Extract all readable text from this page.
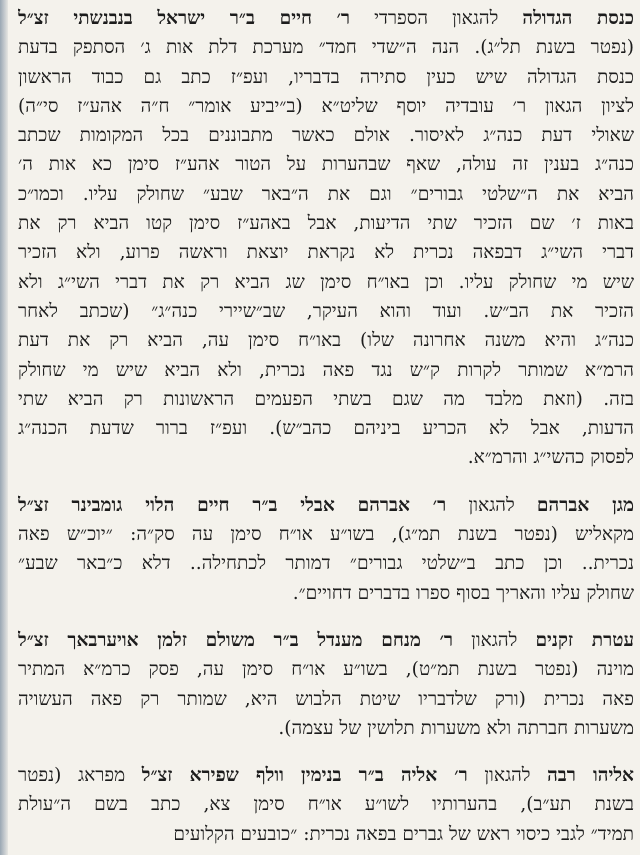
כנסת הגדולה להגאון הספרדי ר׳ חיים ב״ר ישראל בנבנשתי זצ״ל
(נפטר בשנת תל״ג). הנה ה״שדי חמד״ מערכת דלת אות ג׳ הסתפק בדעת
כנסת הגדולה שיש כעין סתירה בדבריו, ועפ״ז כתב גם כבוד הראשון
לציון הגאון ר׳ עובדיה יוסף שליט״א (ב״יביע אומר״ ח״ה אהע״ז סי״ה)
שאולי דעת כנה״ג לאיסור. אולם כאשר מתבוננים בכל המקומות שכתב
כנה״ג בענין זה עולה, שאף שבהערות על הטור אהע״ז סימן כא אות ה׳
הביא את ה״שלטי גבורים״ וגם את ה״באר שבע״ שחולק עליו. וכמו״כ
באות ז׳ שם הזכיר שתי הדיעות, אבל באהע״ז סימן קטו הביא רק את
דברי השי״ג דבפאה נכרית לא נקראת יוצאת וראשה פרוע, ולא הזכיר
שיש מי שחולק עליו. וכן באו״ח סימן שג הביא רק את דברי השי״ג ולא
הזכיר את הב״ש. ועוד והוא העיקר, שב״שיירי כנה״ג״ (שכתב לאחר
כנה״ג והיא משנה אחרונה שלו) באו״ח סימן עה, הביא רק את דעת
הרמ״א שמותר לקרות ק״ש נגד פאה נכרית, ולא הביא שיש מי שחולק
בזה. (וזאת מלבד מה שגם בשתי הפעמים הראשונות רק הביא שתי
הדעות, אבל לא הכריע ביניהם כהב״ש). ועפ״ז ברור שדעת הכנה״ג
לפסוק כהשי״ג והרמ״א.
מגן אברהם להגאון ר׳ אברהם אבלי ב״ר חיים הלוי גומבינר זצ״ל
מקאליש (נפטר בשנת תמ״ג), בשו״ע או״ח סימן עה סק״ה: ״יוכ״ש פאה
נכרית.. וכן כתב ב״שלטי גבורים״ דמותר לכתחילה.. דלא כ״באר שבע״
שחולק עליו והאריך בסוף ספרו בדברים דחויים״.
עטרת זקנים להגאון ר׳ מנחם מענדל ב״ר משולם זלמן אויערבאך זצ״ל
מוינה (נפטר בשנת תמ״ט), בשו״ע או״ח סימן עה, פסק כרמ״א המתיר
פאה נכרית (ורק שלדבריו שיטת הלבוש היא, שמותר רק פאה העשויה
משערות חברתה ולא משערות תלושין של עצמה).
אליהו רבה להגאון ר׳ אליה ב״ר בנימין וולף שפירא זצ״ל מפראג (נפטר
בשנת תע״ב), בהערותיו לשו״ע או״ח סימן צא, כתב בשם ה״עולת
תמיד״ לגבי כיסוי ראש של גברים בפאה נכרית: ״כובעים הקלועים
